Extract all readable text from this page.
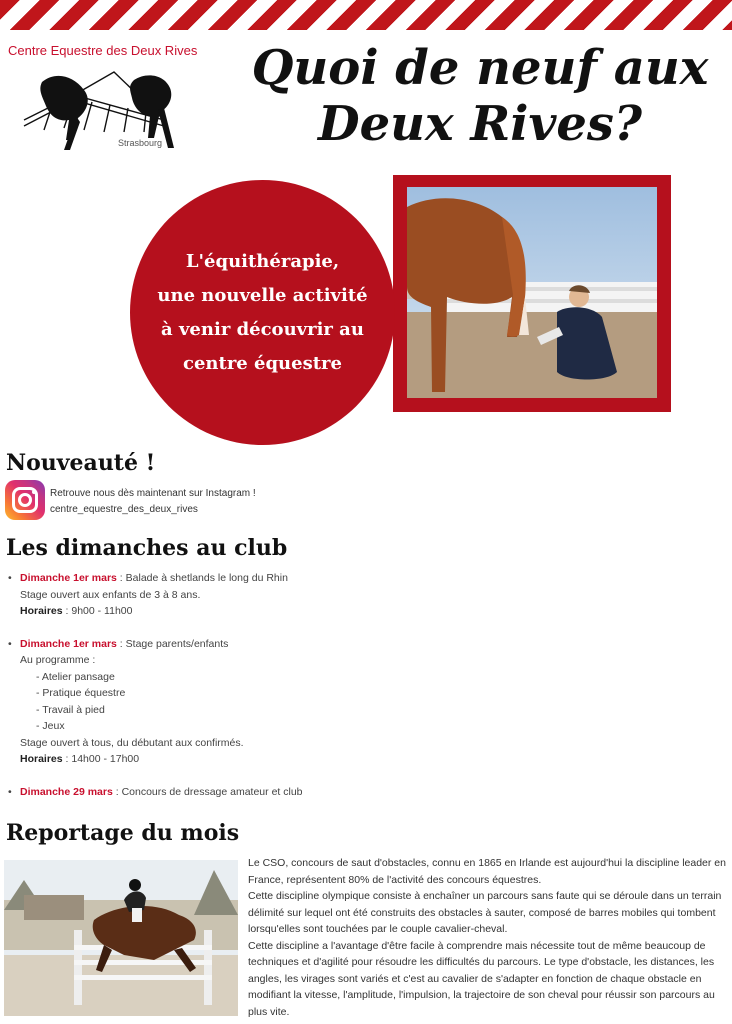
Centre Equestre des Deux Rives
Strasbourg
Quoi de neuf aux
Deux Rives?
L'équithérapie,
une nouvelle activité
à venir découvrir au
centre équestre
Nouveauté !
Retrouve nous dès maintenant sur Instagram !
centre_equestre_des_deux_rives
Les dimanches au club
• Dimanche 1er mars : Balade à shetlands le long du Rhin
Stage ouvert aux enfants de 3 à 8 ans.
Horaires : 9h00 - 11h00
• Dimanche 1er mars : Stage parents/enfants
Au programme :
- Atelier pansage
- Pratique équestre
- Travail à pied
- Jeux
Stage ouvert à tous, du débutant aux confirmés.
Horaires : 14h00 - 17h00
• Dimanche 29 mars : Concours de dressage amateur et club
Reportage du mois

Le CSO, concours de saut d'obstacles, connu en 1865 en Irlande est aujourd'hui la discipline leader en France, représentent 80% de l'activité des concours équestres.

Cette discipline olympique consiste à enchaîner un parcours sans faute qui se déroule dans un terrain délimité sur lequel ont été construits des obstacles à sauter, composé de barres mobiles qui tombent lorsqu'elles sont touchées par le couple cavalier-cheval.

Cette discipline a l'avantage d'être facile à comprendre mais nécessite tout de même beaucoup de techniques et d'agilité pour résoudre les difficultés du parcours. Le type d'obstacle, les distances, les angles, les virages sont variés et c'est au cavalier de s'adapter en fonction de chaque obstacle en modifiant la vitesse, l'amplitude, l'impulsion, la trajectoire de son cheval pour réussir son parcours au plus vite.
